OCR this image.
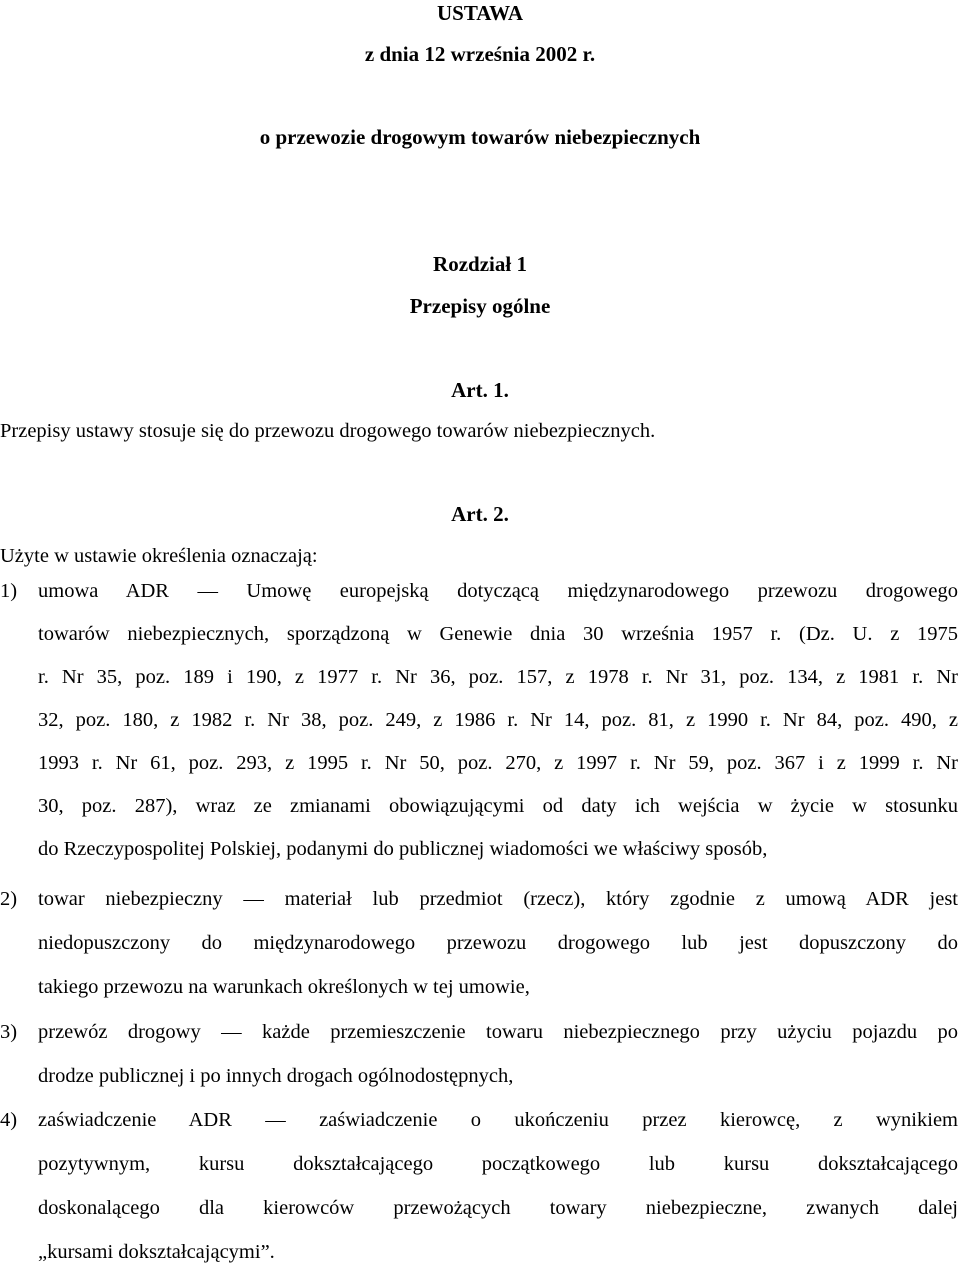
USTAWA
z dnia 12 września 2002 r.
o przewozie drogowym towarów niebezpiecznych
Rozdział 1
Przepisy ogólne
Art. 1.
Przepisy ustawy stosuje się do przewozu drogowego towarów niebezpiecznych.
Art. 2.
Użyte w ustawie określenia oznaczają:
1) umowa ADR — Umowę europejską dotyczącą międzynarodowego przewozu drogowego
towarów niebezpiecznych, sporządzoną w Genewie dnia 30 września 1957 r. (Dz. U. z 1975
r. Nr 35, poz. 189 i 190, z 1977 r. Nr 36, poz. 157, z 1978 r. Nr 31, poz. 134, z 1981 r. Nr
32, poz. 180, z 1982 r. Nr 38, poz. 249, z 1986 r. Nr 14, poz. 81, z 1990 r. Nr 84, poz. 490, z
1993 r. Nr 61, poz. 293, z 1995 r. Nr 50, poz. 270, z 1997 r. Nr 59, poz. 367 i z 1999 r. Nr
30, poz. 287), wraz ze zmianami obowiązującymi od daty ich wejścia w życie w stosunku
do Rzeczypospolitej Polskiej, podanymi do publicznej wiadomości we właściwy sposób,
2) towar niebezpieczny — materiał lub przedmiot (rzecz), który zgodnie z umową ADR jest
niedopuszczony do międzynarodowego przewozu drogowego lub jest dopuszczony do
takiego przewozu na warunkach określonych w tej umowie,
3) przewóz drogowy — każde przemieszczenie towaru niebezpiecznego przy użyciu pojazdu po
drodze publicznej i po innych drogach ogólnodostępnych,
4) zaświadczenie ADR — zaświadczenie o ukończeniu przez kierowcę, z wynikiem
pozytywnym, kursu dokształcającego początkowego lub kursu dokształcającego
doskonalącego dla kierowców przewożących towary niebezpieczne, zwanych dalej
„kursami dokształcającymi”.
